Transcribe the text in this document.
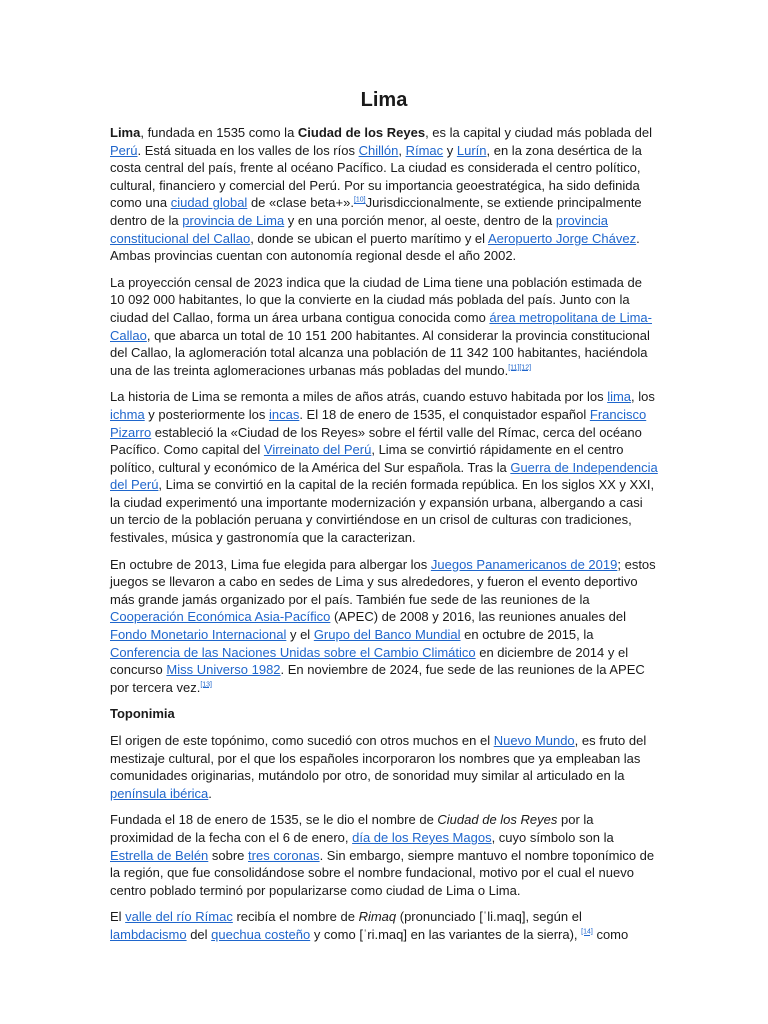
Lima

Lima, fundada en 1535 como la Ciudad de los Reyes, es la capital y ciudad más poblada del Perú. Está situada en los valles de los ríos Chillón, Rímac y Lurín, en la zona desértica de la costa central del país, frente al océano Pacífico. La ciudad es considerada el centro político, cultural, financiero y comercial del Perú. Por su importancia geoestratégica, ha sido definida como una ciudad global de «clase beta+».[10]Jurisdiccionalmente, se extiende principalmente dentro de la provincia de Lima y en una porción menor, al oeste, dentro de la provincia constitucional del Callao, donde se ubican el puerto marítimo y el Aeropuerto Jorge Chávez. Ambas provincias cuentan con autonomía regional desde el año 2002.

La proyección censal de 2023 indica que la ciudad de Lima tiene una población estimada de 10 092 000 habitantes, lo que la convierte en la ciudad más poblada del país. Junto con la ciudad del Callao, forma un área urbana contigua conocida como área metropolitana de Lima-Callao, que abarca un total de 10 151 200 habitantes. Al considerar la provincia constitucional del Callao, la aglomeración total alcanza una población de 11 342 100 habitantes, haciéndola una de las treinta aglomeraciones urbanas más pobladas del mundo.[11][12]

La historia de Lima se remonta a miles de años atrás, cuando estuvo habitada por los lima, los ichma y posteriormente los incas. El 18 de enero de 1535, el conquistador español Francisco Pizarro estableció la «Ciudad de los Reyes» sobre el fértil valle del Rímac, cerca del océano Pacífico. Como capital del Virreinato del Perú, Lima se convirtió rápidamente en el centro político, cultural y económico de la América del Sur española. Tras la Guerra de Independencia del Perú, Lima se convirtió en la capital de la recién formada república. En los siglos XX y XXI, la ciudad experimentó una importante modernización y expansión urbana, albergando a casi un tercio de la población peruana y convirtiéndose en un crisol de culturas con tradiciones, festivales, música y gastronomía que la caracterizan.

En octubre de 2013, Lima fue elegida para albergar los Juegos Panamericanos de 2019; estos juegos se llevaron a cabo en sedes de Lima y sus alrededores, y fueron el evento deportivo más grande jamás organizado por el país. También fue sede de las reuniones de la Cooperación Económica Asia-Pacífico (APEC) de 2008 y 2016, las reuniones anuales del Fondo Monetario Internacional y el Grupo del Banco Mundial en octubre de 2015, la Conferencia de las Naciones Unidas sobre el Cambio Climático en diciembre de 2014 y el concurso Miss Universo 1982. En noviembre de 2024, fue sede de las reuniones de la APEC por tercera vez.[13]

Toponimia

El origen de este topónimo, como sucedió con otros muchos en el Nuevo Mundo, es fruto del mestizaje cultural, por el que los españoles incorporaron los nombres que ya empleaban las comunidades originarias, mutándolo por otro, de sonoridad muy similar al articulado en la península ibérica.

Fundada el 18 de enero de 1535, se le dio el nombre de Ciudad de los Reyes por la proximidad de la fecha con el 6 de enero, día de los Reyes Magos, cuyo símbolo son la Estrella de Belén sobre tres coronas. Sin embargo, siempre mantuvo el nombre toponímico de la región, que fue consolidándose sobre el nombre fundacional, motivo por el cual el nuevo centro poblado terminó por popularizarse como ciudad de Lima o Lima.

El valle del río Rímac recibía el nombre de Rimaq (pronunciado [ˈli.maq], según el lambdacismo del quechua costeño y como [ˈri.maq] en las variantes de la sierra), [14] como
